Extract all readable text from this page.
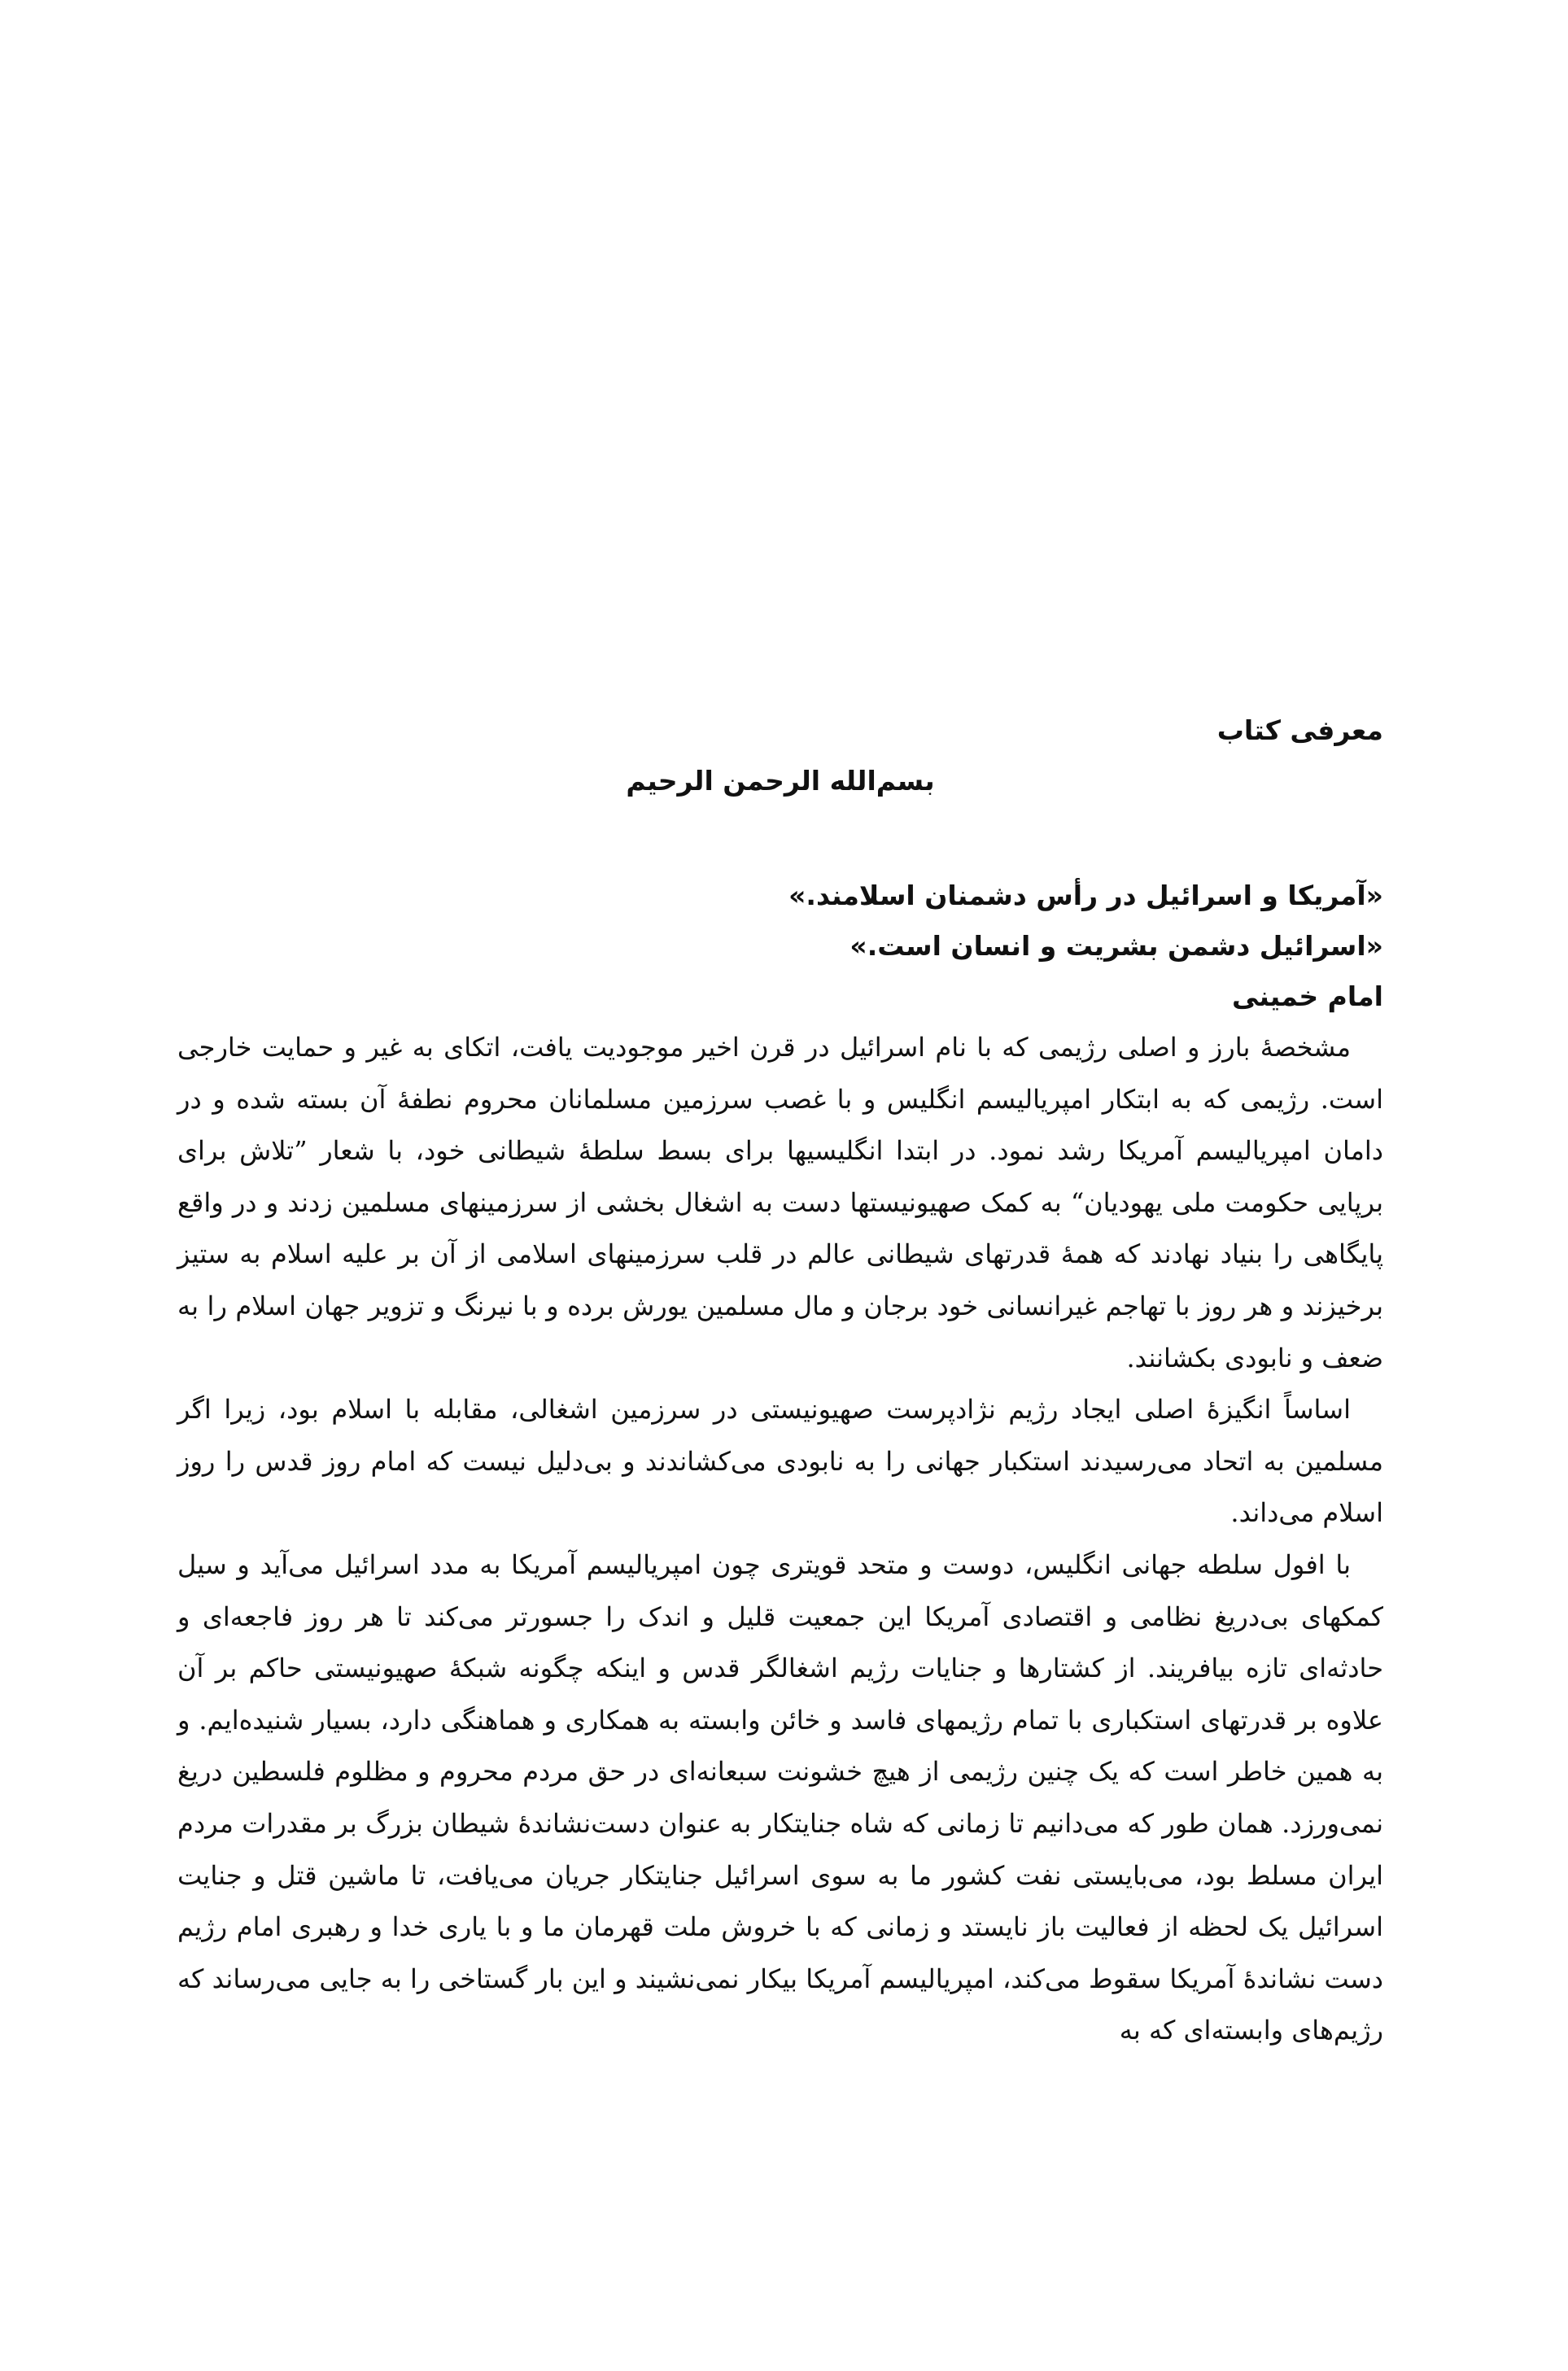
معرفی کتاب
بسم‌الله الرحمن الرحیم

«آمریکا و اسرائیل در رأس دشمنان اسلامند.»

«اسرائیل دشمن بشریت و انسان است.»

امام خمینی

مشخصهٔ بارز و اصلی رژیمی که با نام اسرائیل در قرن اخیر موجودیت یافت، اتکای به غیر و حمایت خارجی است. رژیمی که به ابتکار امپریالیسم انگلیس و با غصب سرزمین مسلمانان محروم نطفهٔ آن بسته شده و در دامان امپریالیسم آمریکا رشد نمود. در ابتدا انگلیسیها برای بسط سلطهٔ شیطانی خود، با شعار ”تلاش برای برپایی حکومت ملی یهودیان“ به کمک صهیونیستها دست به اشغال بخشی از سرزمینهای مسلمین زدند و در واقع پایگاهی را بنیاد نهادند که همهٔ قدرتهای شیطانی عالم در قلب سرزمینهای اسلامی از آن بر علیه اسلام به ستیز برخیزند و هر روز با تهاجم غیرانسانی خود برجان و مال مسلمین یورش برده و با نیرنگ و تزویر جهان اسلام را به ضعف و نابودی بکشانند.

اساساً انگیزهٔ اصلی ایجاد رژیم نژادپرست صهیونیستی در سرزمین اشغالی، مقابله با اسلام بود، زیرا اگر مسلمین به اتحاد می‌رسیدند استکبار جهانی را به نابودی می‌کشاندند و بی‌دلیل نیست که امام روز قدس را روز اسلام می‌داند.

با افول سلطه جهانی انگلیس، دوست و متحد قویتری چون امپریالیسم آمریکا به مدد اسرائیل می‌آید و سیل کمکهای بی‌دریغ نظامی و اقتصادی آمریکا این جمعیت قلیل و اندک را جسورتر می‌کند تا هر روز فاجعه‌ای و حادثه‌ای تازه بیافریند. از کشتارها و جنایات رژیم اشغالگر قدس و اینکه چگونه شبکهٔ صهیونیستی حاکم بر آن علاوه بر قدرتهای استکباری با تمام رژیمهای فاسد و خائن وابسته به همکاری و هماهنگی دارد، بسیار شنیده‌ایم. و به همین خاطر است که یک چنین رژیمی از هیچ خشونت سبعانه‌ای در حق مردم محروم و مظلوم فلسطین دریغ نمی‌ورزد. همان طور که می‌دانیم تا زمانی که شاه جنایتکار به عنوان دست‌نشاندهٔ شیطان بزرگ بر مقدرات مردم ایران مسلط بود، می‌بایستی نفت کشور ما به سوی اسرائیل جنایتکار جریان می‌یافت، تا ماشین قتل و جنایت اسرائیل یک لحظه از فعالیت باز نایستد و زمانی که با خروش ملت قهرمان ما و با یاری خدا و رهبری امام رژیم دست نشاندهٔ آمریکا سقوط می‌کند، امپریالیسم آمریکا بیکار نمی‌نشیند و این بار گستاخی را به جایی می‌رساند که رژیم‌های وابسته‌ای که به
